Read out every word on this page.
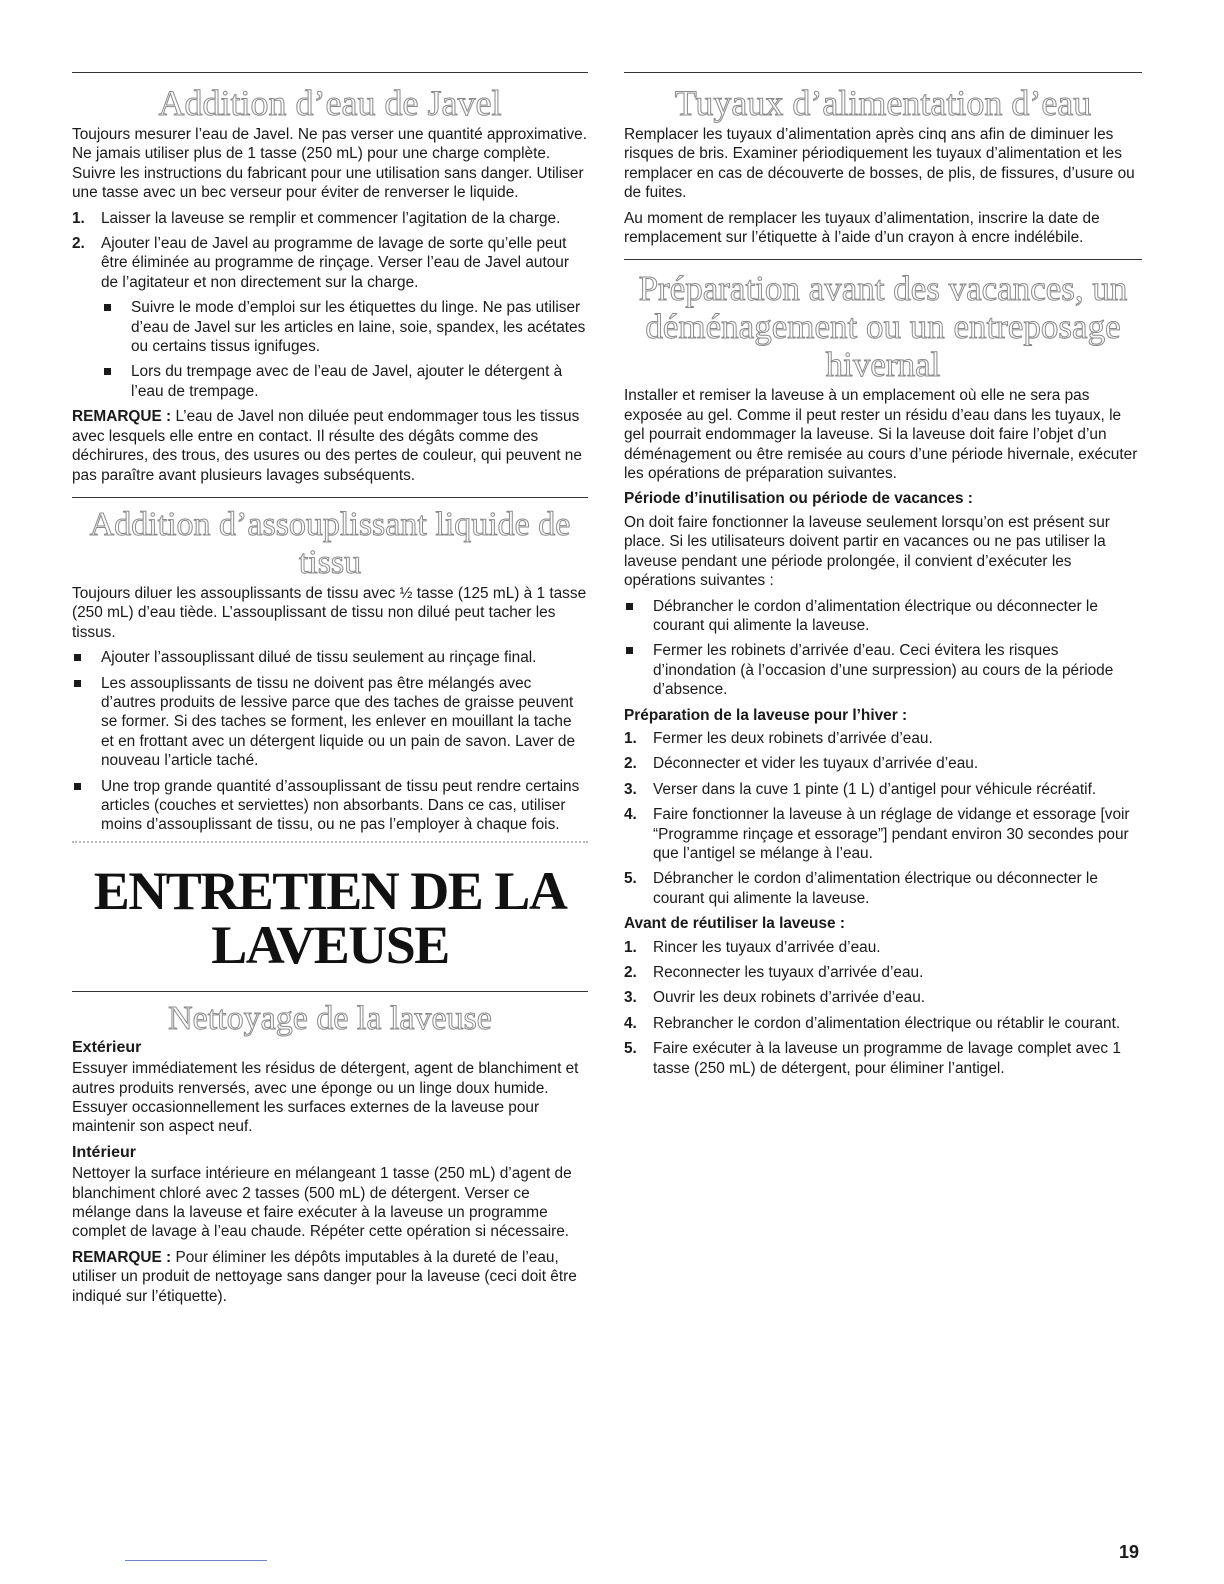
Addition d’eau de Javel

Toujours mesurer l’eau de Javel. Ne pas verser une quantité approximative. Ne jamais utiliser plus de 1 tasse (250 mL) pour une charge complète. Suivre les instructions du fabricant pour une utilisation sans danger. Utiliser une tasse avec un bec verseur pour éviter de renverser le liquide.

1. Laisser la laveuse se remplir et commencer l’agitation de la charge.
2. Ajouter l’eau de Javel au programme de lavage de sorte qu’elle peut être éliminée au programme de rinçage. Verser l’eau de Javel autour de l’agitateur et non directement sur la charge.
Suivre le mode d’emploi sur les étiquettes du linge. Ne pas utiliser d’eau de Javel sur les articles en laine, soie, spandex, les acétates ou certains tissus ignifuges.
Lors du trempage avec de l’eau de Javel, ajouter le détergent à l’eau de trempage.

REMARQUE : L’eau de Javel non diluée peut endommager tous les tissus avec lesquels elle entre en contact. Il résulte des dégâts comme des déchirures, des trous, des usures ou des pertes de couleur, qui peuvent ne pas paraître avant plusieurs lavages subséquents.

Addition d’assouplissant liquide de tissu

Toujours diluer les assouplissants de tissu avec ½ tasse (125 mL) à 1 tasse (250 mL) d’eau tiède. L’assouplissant de tissu non dilué peut tacher les tissus.

Ajouter l’assouplissant dilué de tissu seulement au rinçage final.
Les assouplissants de tissu ne doivent pas être mélangés avec d’autres produits de lessive parce que des taches de graisse peuvent se former. Si des taches se forment, les enlever en mouillant la tache et en frottant avec un détergent liquide ou un pain de savon. Laver de nouveau l’article taché.
Une trop grande quantité d’assouplissant de tissu peut rendre certains articles (couches et serviettes) non absorbants. Dans ce cas, utiliser moins d’assouplissant de tissu, ou ne pas l’employer à chaque fois.
ENTRETIEN DE LA
LAVEUSE
Nettoyage de la laveuse

Extérieur

Essuyer immédiatement les résidus de détergent, agent de blanchiment et autres produits renversés, avec une éponge ou un linge doux humide. Essuyer occasionnellement les surfaces externes de la laveuse pour maintenir son aspect neuf.

Intérieur

Nettoyer la surface intérieure en mélangeant 1 tasse (250 mL) d’agent de blanchiment chloré avec 2 tasses (500 mL) de détergent. Verser ce mélange dans la laveuse et faire exécuter à la laveuse un programme complet de lavage à l’eau chaude. Répéter cette opération si nécessaire.

REMARQUE : Pour éliminer les dépôts imputables à la dureté de l’eau, utiliser un produit de nettoyage sans danger pour la laveuse (ceci doit être indiqué sur l’étiquette).

Tuyaux d’alimentation d’eau

Remplacer les tuyaux d’alimentation après cinq ans afin de diminuer les risques de bris. Examiner périodiquement les tuyaux d’alimentation et les remplacer en cas de découverte de bosses, de plis, de fissures, d’usure ou de fuites.

Au moment de remplacer les tuyaux d’alimentation, inscrire la date de remplacement sur l’étiquette à l’aide d’un crayon à encre indélébile.

Préparation avant des vacances, un
déménagement ou un entreposage hivernal

Installer et remiser la laveuse à un emplacement où elle ne sera pas exposée au gel. Comme il peut rester un résidu d’eau dans les tuyaux, le gel pourrait endommager la laveuse. Si la laveuse doit faire l’objet d’un déménagement ou être remisée au cours d’une période hivernale, exécuter les opérations de préparation suivantes.

Période d’inutilisation ou période de vacances :

On doit faire fonctionner la laveuse seulement lorsqu’on est présent sur place. Si les utilisateurs doivent partir en vacances ou ne pas utiliser la laveuse pendant une période prolongée, il convient d’exécuter les opérations suivantes :

Débrancher le cordon d’alimentation électrique ou déconnecter le courant qui alimente la laveuse.
Fermer les robinets d’arrivée d’eau. Ceci évitera les risques d’inondation (à l’occasion d’une surpression) au cours de la période d’absence.

Préparation de la laveuse pour l’hiver :

1. Fermer les deux robinets d’arrivée d’eau.
2. Déconnecter et vider les tuyaux d’arrivée d’eau.
3. Verser dans la cuve 1 pinte (1 L) d’antigel pour véhicule récréatif.
4. Faire fonctionner la laveuse à un réglage de vidange et essorage [voir “Programme rinçage et essorage”] pendant environ 30 secondes pour que l’antigel se mélange à l’eau.
5. Débrancher le cordon d’alimentation électrique ou déconnecter le courant qui alimente la laveuse.

Avant de réutiliser la laveuse :

1. Rincer les tuyaux d’arrivée d’eau.
2. Reconnecter les tuyaux d’arrivée d’eau.
3. Ouvrir les deux robinets d’arrivée d’eau.
4. Rebrancher le cordon d’alimentation électrique ou rétablir le courant.
5. Faire exécuter à la laveuse un programme de lavage complet avec 1 tasse (250 mL) de détergent, pour éliminer l’antigel.
19
